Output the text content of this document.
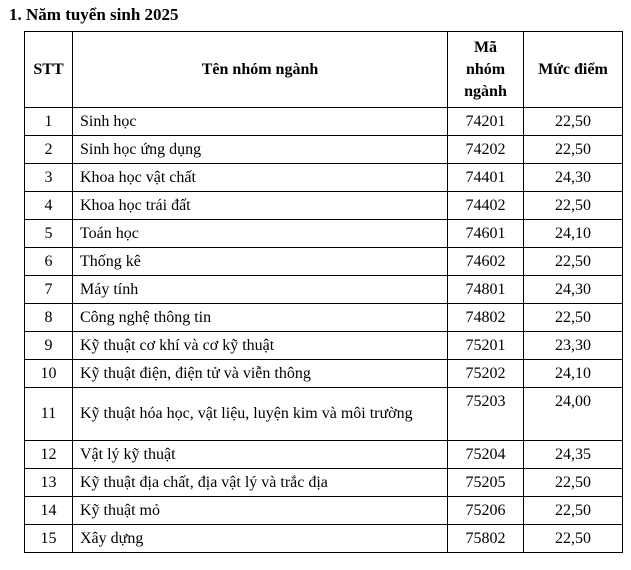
1. Năm tuyển sinh 2025
STT	Tên nhóm ngành	Mã nhóm ngành	Mức điểm
1	Sinh học	74201	22,50
2	Sinh học ứng dụng	74202	22,50
3	Khoa học vật chất	74401	24,30
4	Khoa học trái đất	74402	22,50
5	Toán học	74601	24,10
6	Thống kê	74602	22,50
7	Máy tính	74801	24,30
8	Công nghệ thông tin	74802	22,50
9	Kỹ thuật cơ khí và cơ kỹ thuật	75201	23,30
10	Kỹ thuật điện, điện tử và viễn thông	75202	24,10
11	Kỹ thuật hóa học, vật liệu, luyện kim và môi trường	75203	24,00
12	Vật lý kỹ thuật	75204	24,35
13	Kỹ thuật địa chất, địa vật lý và trắc địa	75205	22,50
14	Kỹ thuật mỏ	75206	22,50
15	Xây dựng	75802	22,50
